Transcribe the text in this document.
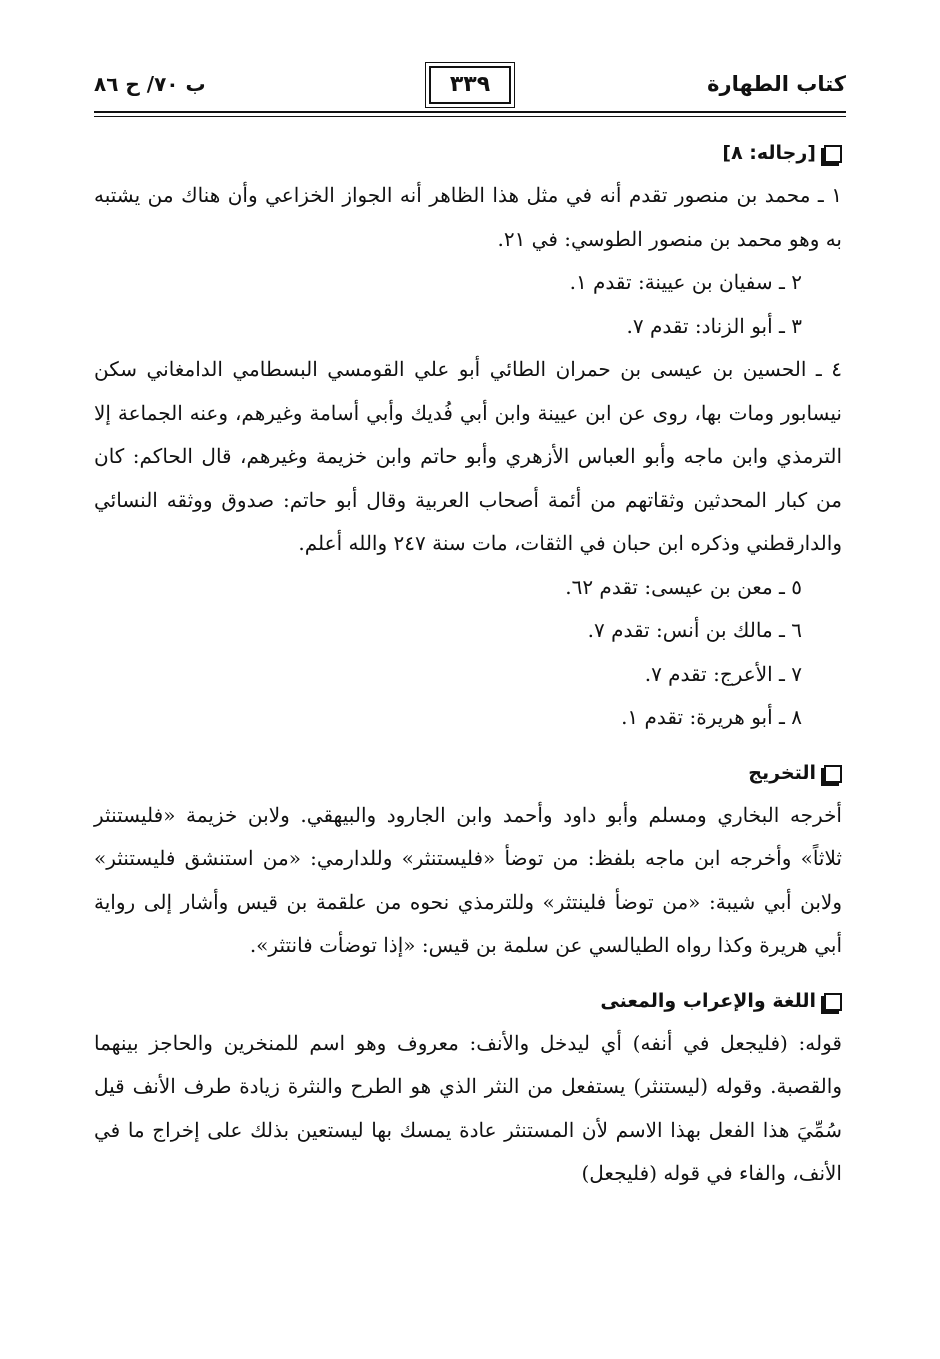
كتاب الطهارة
٣٣٩
ب ٧٠/ ح ٨٦
[رجاله: ٨]

١ ـ محمد بن منصور تقدم أنه في مثل هذا الظاهر أنه الجواز الخزاعي وأن هناك من يشتبه به وهو محمد بن منصور الطوسي: في ٢١.

٢ ـ سفيان بن عيينة: تقدم ١.

٣ ـ أبو الزناد: تقدم ٧.

٤ ـ الحسين بن عيسى بن حمران الطائي أبو علي القومسي البسطامي الدامغاني سكن نيسابور ومات بها، روى عن ابن عيينة وابن أبي فُديك وأبي أسامة وغيرهم، وعنه الجماعة إلا الترمذي وابن ماجه وأبو العباس الأزهري وأبو حاتم وابن خزيمة وغيرهم، قال الحاكم: كان من كبار المحدثين وثقاتهم من أئمة أصحاب العربية وقال أبو حاتم: صدوق ووثقه النسائي والدارقطني وذكره ابن حبان في الثقات، مات سنة ٢٤٧ والله أعلم.

٥ ـ معن بن عيسى: تقدم ٦٢.

٦ ـ مالك بن أنس: تقدم ٧.

٧ ـ الأعرج: تقدم ٧.

٨ ـ أبو هريرة: تقدم ١.

التخريج

أخرجه البخاري ومسلم وأبو داود وأحمد وابن الجارود والبيهقي. ولابن خزيمة «فليستنثر ثلاثاً» وأخرجه ابن ماجه بلفظ: من توضأ «فليستنثر» وللدارمي: «من استنشق فليستنثر» ولابن أبي شيبة: «من توضأ فلينتثر» وللترمذي نحوه من علقمة بن قيس وأشار إلى رواية أبي هريرة وكذا رواه الطيالسي عن سلمة بن قيس: «إذا توضأت فانتثر».

اللغة والإعراب والمعنى

قوله: (فليجعل في أنفه) أي ليدخل والأنف: معروف وهو اسم للمنخرين والحاجز بينهما والقصبة. وقوله (ليستنثر) يستفعل من النثر الذي هو الطرح والنثرة زيادة طرف الأنف قيل سُمِّيَ هذا الفعل بهذا الاسم لأن المستنثر عادة يمسك بها ليستعين بذلك على إخراج ما في الأنف، والفاء في قوله (فليجعل)
